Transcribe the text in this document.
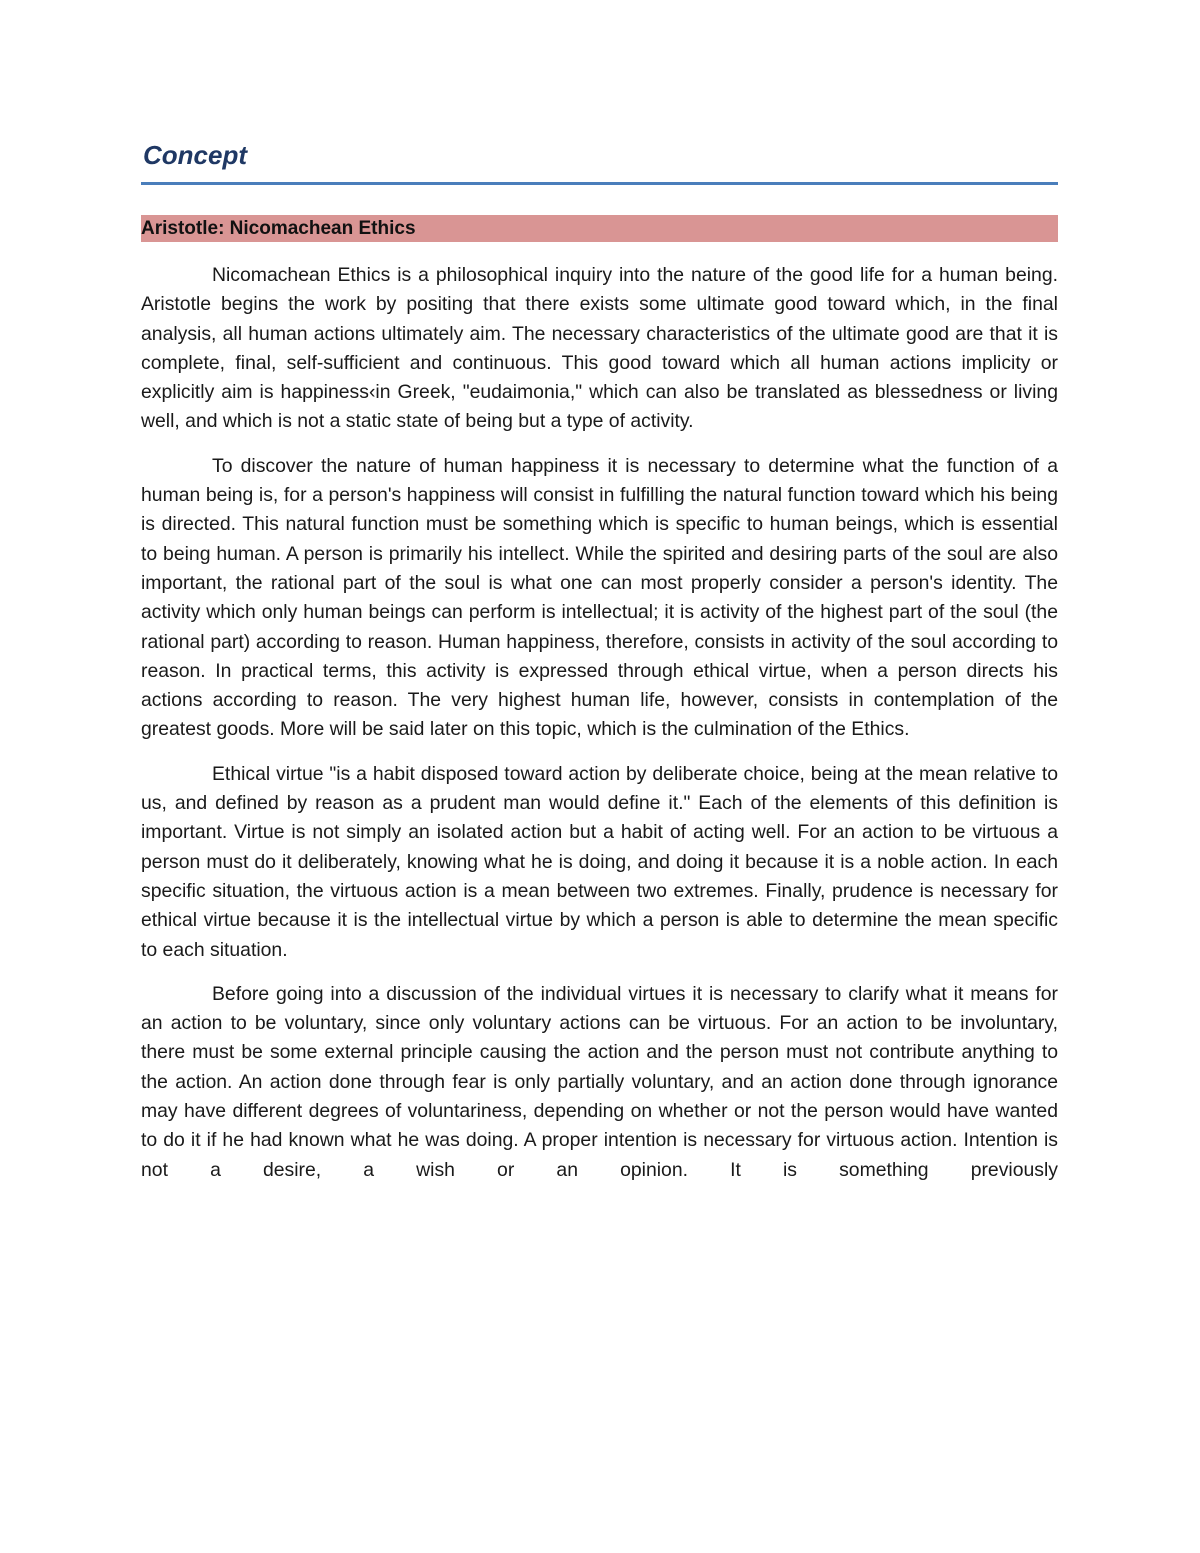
Concept
Aristotle: Nicomachean Ethics

Nicomachean Ethics is a philosophical inquiry into the nature of the good life for a human being. Aristotle begins the work by positing that there exists some ultimate good toward which, in the final analysis, all human actions ultimately aim. The necessary characteristics of the ultimate good are that it is complete, final, self-sufficient and continuous. This good toward which all human actions implicity or explicitly aim is happiness‹in Greek, "eudaimonia," which can also be translated as blessedness or living well, and which is not a static state of being but a type of activity.

To discover the nature of human happiness it is necessary to determine what the function of a human being is, for a person's happiness will consist in fulfilling the natural function toward which his being is directed. This natural function must be something which is specific to human beings, which is essential to being human. A person is primarily his intellect. While the spirited and desiring parts of the soul are also important, the rational part of the soul is what one can most properly consider a person's identity. The activity which only human beings can perform is intellectual; it is activity of the highest part of the soul (the rational part) according to reason. Human happiness, therefore, consists in activity of the soul according to reason. In practical terms, this activity is expressed through ethical virtue, when a person directs his actions according to reason. The very highest human life, however, consists in contemplation of the greatest goods. More will be said later on this topic, which is the culmination of the Ethics.

Ethical virtue "is a habit disposed toward action by deliberate choice, being at the mean relative to us, and defined by reason as a prudent man would define it." Each of the elements of this definition is important. Virtue is not simply an isolated action but a habit of acting well. For an action to be virtuous a person must do it deliberately, knowing what he is doing, and doing it because it is a noble action. In each specific situation, the virtuous action is a mean between two extremes. Finally, prudence is necessary for ethical virtue because it is the intellectual virtue by which a person is able to determine the mean specific to each situation.

Before going into a discussion of the individual virtues it is necessary to clarify what it means for an action to be voluntary, since only voluntary actions can be virtuous. For an action to be involuntary, there must be some external principle causing the action and the person must not contribute anything to the action. An action done through fear is only partially voluntary, and an action done through ignorance may have different degrees of voluntariness, depending on whether or not the person would have wanted to do it if he had known what he was doing. A proper intention is necessary for virtuous action. Intention is not a desire, a wish or an opinion. It is something previously
